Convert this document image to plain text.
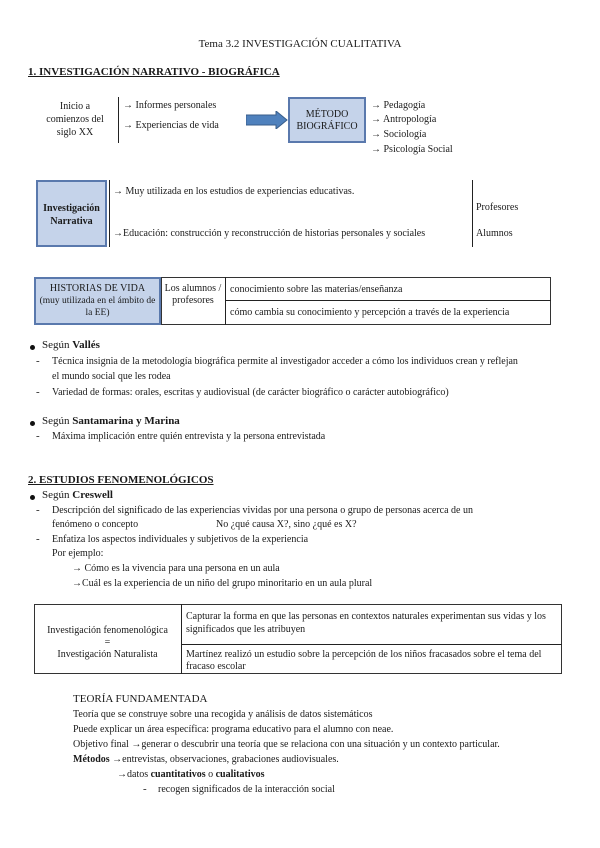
Tema 3.2 INVESTIGACIÓN CUALITATIVA
1. INVESTIGACIÓN NARRATIVO - BIOGRÁFICA
Inicio a comienzos del siglo XX
→ Informes personales
→ Experiencias de vida
MÉTODO BIOGRÁFICO
→ Pedagogía
→ Antropología
→ Sociología
→ Psicología Social
Investigación Narrativa
→ Muy utilizada en los estudios de experiencias educativas.
→Educación: construcción y reconstrucción de historias personales y sociales
Profesores
Alumnos
HISTORIAS DE VIDA
(muy utilizada en el ámbito de la EE)
Los alumnos / profesores
conocimiento sobre las materias/enseñanza
cómo cambia su conocimiento y percepción a través de la experiencia
Según Vallés
- Técnica insignia de la metodología biográfica permite al investigador acceder a cómo los individuos crean y reflejan
el mundo social que les rodea
- Variedad de formas: orales, escritas y audiovisual (de carácter biográfico o carácter autobiográfico)
Según Santamarina y Marina
- Máxima implicación entre quién entrevista y la persona entrevistada
2. ESTUDIOS FENOMENOLÓGICOS
Según Creswell
- Descripción del significado de las experiencias vividas por una persona o grupo de personas acerca de un
fenómeno o concepto	No ¿qué causa X?, sino ¿qué es X?
- Enfatiza los aspectos individuales y subjetivos de la experiencia
Por ejemplo:
→ Cómo es la vivencia para una persona en un aula
→Cuál es la experiencia de un niño del grupo minoritario en un aula plural
Investigación fenomenológica
=
Investigación Naturalista
Capturar la forma en que las personas en contextos naturales experimentan sus vidas y los significados que les atribuyen
Martínez realizó un estudio sobre la percepción de los niños fracasados sobre el tema del fracaso escolar
TEORÍA FUNDAMENTADA
Teoría que se construye sobre una recogida y análisis de datos sistemáticos
Puede explicar un área específica: programa educativo para el alumno con neae.
Objetivo final →generar o descubrir una teoría que se relaciona con una situación y un contexto particular.
Métodos →entrevistas, observaciones, grabaciones audiovisuales.
→datos cuantitativos o cualitativos
- recogen significados de la interacción social
